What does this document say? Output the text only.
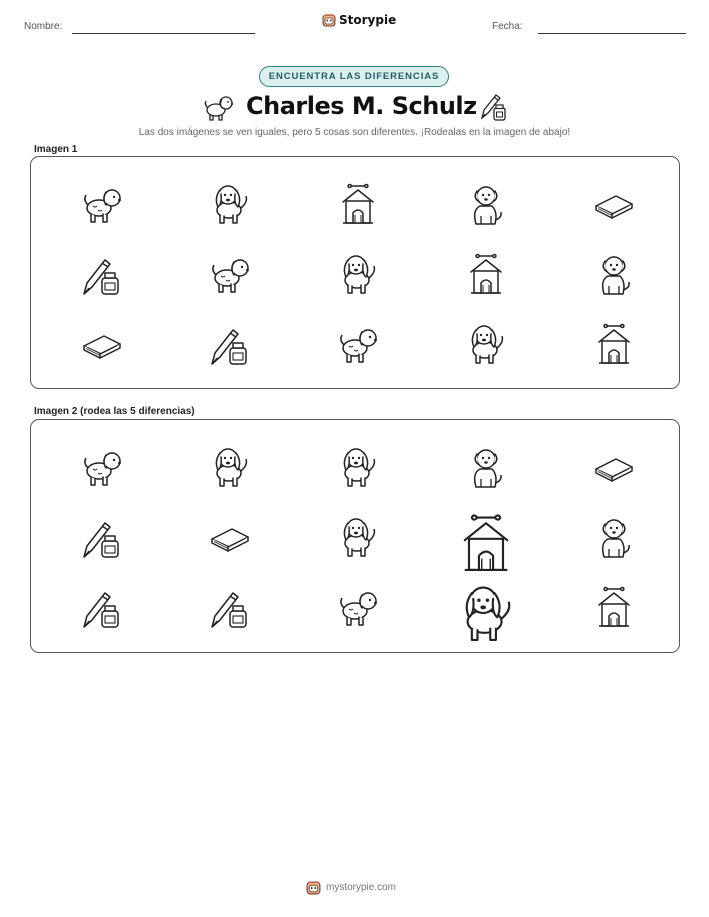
Nombre:	Storypie	Fecha:
ENCUENTRA LAS DIFERENCIAS
Charles M. Schulz
Las dos imágenes se ven iguales, pero 5 cosas son diferentes. ¡Rodealas en la imagen de abajo!
Imagen 1
Imagen 2 (rodea las 5 diferencias)
mystorypie.com
